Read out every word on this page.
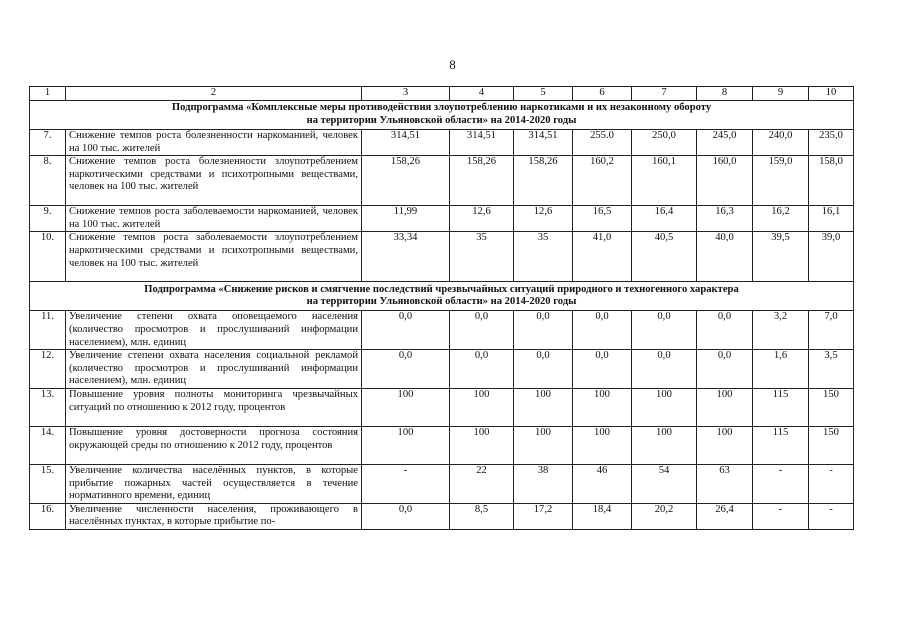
8
1	2	3	4	5	6	7	8	9	10

Подпрограмма «Комплексные меры противодействия злоупотреблению наркотиками и их незаконному обороту
на территории Ульяновской области» на 2014-2020 годы									

7.	Снижение темпов роста болезненности наркоманией, человек на 100 тыс. жителей	314,51	314,51	314,51	255.0	250,0	245,0	240,0	235,0
8.	Снижение темпов роста болезненности злоупотреблением наркотическими средствами и психотропными веществами, человек на 100 тыс. жителей	158,26	158,26	158,26	160,2	160,1	160,0	159,0	158,0
9.	Снижение темпов роста заболеваемости наркоманией, человек на 100 тыс. жителей	11,99	12,6	12,6	16,5	16,4	16,3	16,2	16,1
10.	Снижение темпов роста заболеваемости злоупотреблением наркотическими средствами и психотропными веществами, человек на 100 тыс. жителей	33,34	35	35	41,0	40,5	40,0	39,5	39,0

Подпрограмма «Снижение рисков и смягчение последствий чрезвычайных ситуаций природного и техногенного характера
на территории Ульяновской области» на 2014-2020 годы									

11.	Увеличение степени охвата оповещаемого населения (количество просмотров и прослушиваний информации населением), млн. единиц	0,0	0,0	0,0	0,0	0,0	0,0	3,2	7,0
12.	Увеличение степени охвата населения социальной рекламой (количество просмотров и прослушиваний информации населением), млн. единиц	0,0	0,0	0,0	0,0	0,0	0,0	1,6	3,5
13.	Повышение уровня полноты мониторинга чрезвычайных ситуаций по отношению к 2012 году, процентов	100	100	100	100	100	100	115	150
14.	Повышение уровня достоверности прогноза состояния окружающей среды по отношению к 2012 году, процентов	100	100	100	100	100	100	115	150
15.	Увеличение количества населённых пунктов, в которые прибытие пожарных частей осуществляется в течение нормативного времени, единиц	-	22	38	46	54	63	-	-
16.	Увеличение численности населения, проживающего в населённых пунктах, в которые прибытие по-	0,0	8,5	17,2	18,4	20,2	26,4	-	-
